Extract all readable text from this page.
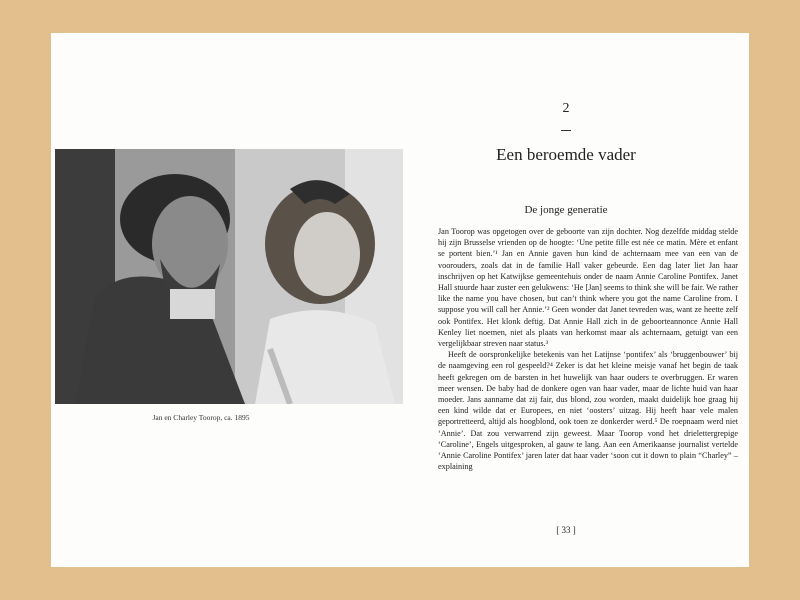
Jan en Charley Toorop, ca. 1895
2
Een beroemde vader
De jonge generatie

Jan Toorop was opgetogen over de geboorte van zijn dochter. Nog dezelfde middag stelde hij zijn Brusselse vrienden op de hoogte: ‘Une petite fille est née ce matin. Mère et enfant se portent bien.’¹ Jan en Annie gaven hun kind de achternaam mee van een van de voorouders, zoals dat in de familie Hall vaker gebeurde. Een dag later liet Jan haar inschrijven op het Katwijkse gemeentehuis onder de naam Annie Caroline Pontifex. Janet Hall stuurde haar zuster een gelukwens: ‘He [Jan] seems to think she will be fair. We rather like the name you have chosen, but can’t think where you got the name Caroline from. I suppose you will call her Annie.’² Geen wonder dat Janet tevreden was, want ze heette zelf ook Pontifex. Het klonk deftig. Dat Annie Hall zich in de geboorteannonce Annie Hall Kenley liet noemen, niet als plaats van herkomst maar als achternaam, getuigt van een vergelijkbaar streven naar status.³

Heeft de oorspronkelijke betekenis van het Latijnse ‘pontifex’ als ‘bruggenbouwer’ bij de naamgeving een rol gespeeld?⁴ Zeker is dat het kleine meisje vanaf het begin de taak heeft gekregen om de barsten in het huwelijk van haar ouders te overbruggen. Er waren meer wensen. De baby had de donkere ogen van haar vader, maar de lichte huid van haar moeder. Jans aanname dat zij fair, dus blond, zou worden, maakt duidelijk hoe graag hij een kind wilde dat er Europees, en niet ‘oosters’ uitzag. Hij heeft haar vele malen geportretteerd, altijd als hoogblond, ook toen ze donkerder werd.⁵ De roepnaam werd niet ‘Annie’. Dat zou verwarrend zijn geweest. Maar Toorop vond het drielettergrepige ‘Caroline’, Engels uitgesproken, al gauw te lang. Aan een Amerikaanse journalist vertelde ‘Annie Caroline Pontifex’ jaren later dat haar vader ‘soon cut it down to plain “Charley” – explaining

[ 33 ]
